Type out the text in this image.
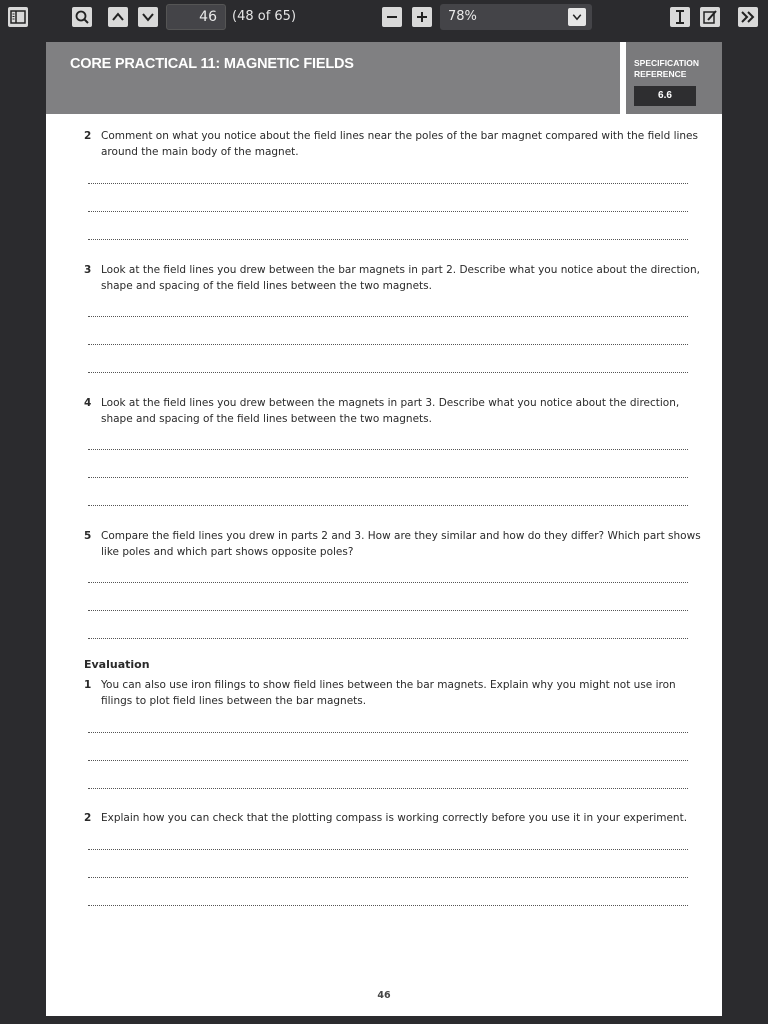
46	(48 of 65)	78%
CORE PRACTICAL 11: MAGNETIC FIELDS	SPECIFICATION REFERENCE
6.6
2 Comment on what you notice about the field lines near the poles of the bar magnet compared with the field lines around the main body of the magnet.
3 Look at the field lines you drew between the bar magnets in part 2. Describe what you notice about the direction, shape and spacing of the field lines between the two magnets.
4 Look at the field lines you drew between the magnets in part 3. Describe what you notice about the direction, shape and spacing of the field lines between the two magnets.
5 Compare the field lines you drew in parts 2 and 3. How are they similar and how do they differ? Which part shows like poles and which part shows opposite poles?
Evaluation
1 You can also use iron filings to show field lines between the bar magnets. Explain why you might not use iron filings to plot field lines between the bar magnets.
2 Explain how you can check that the plotting compass is working correctly before you use it in your experiment.
46
